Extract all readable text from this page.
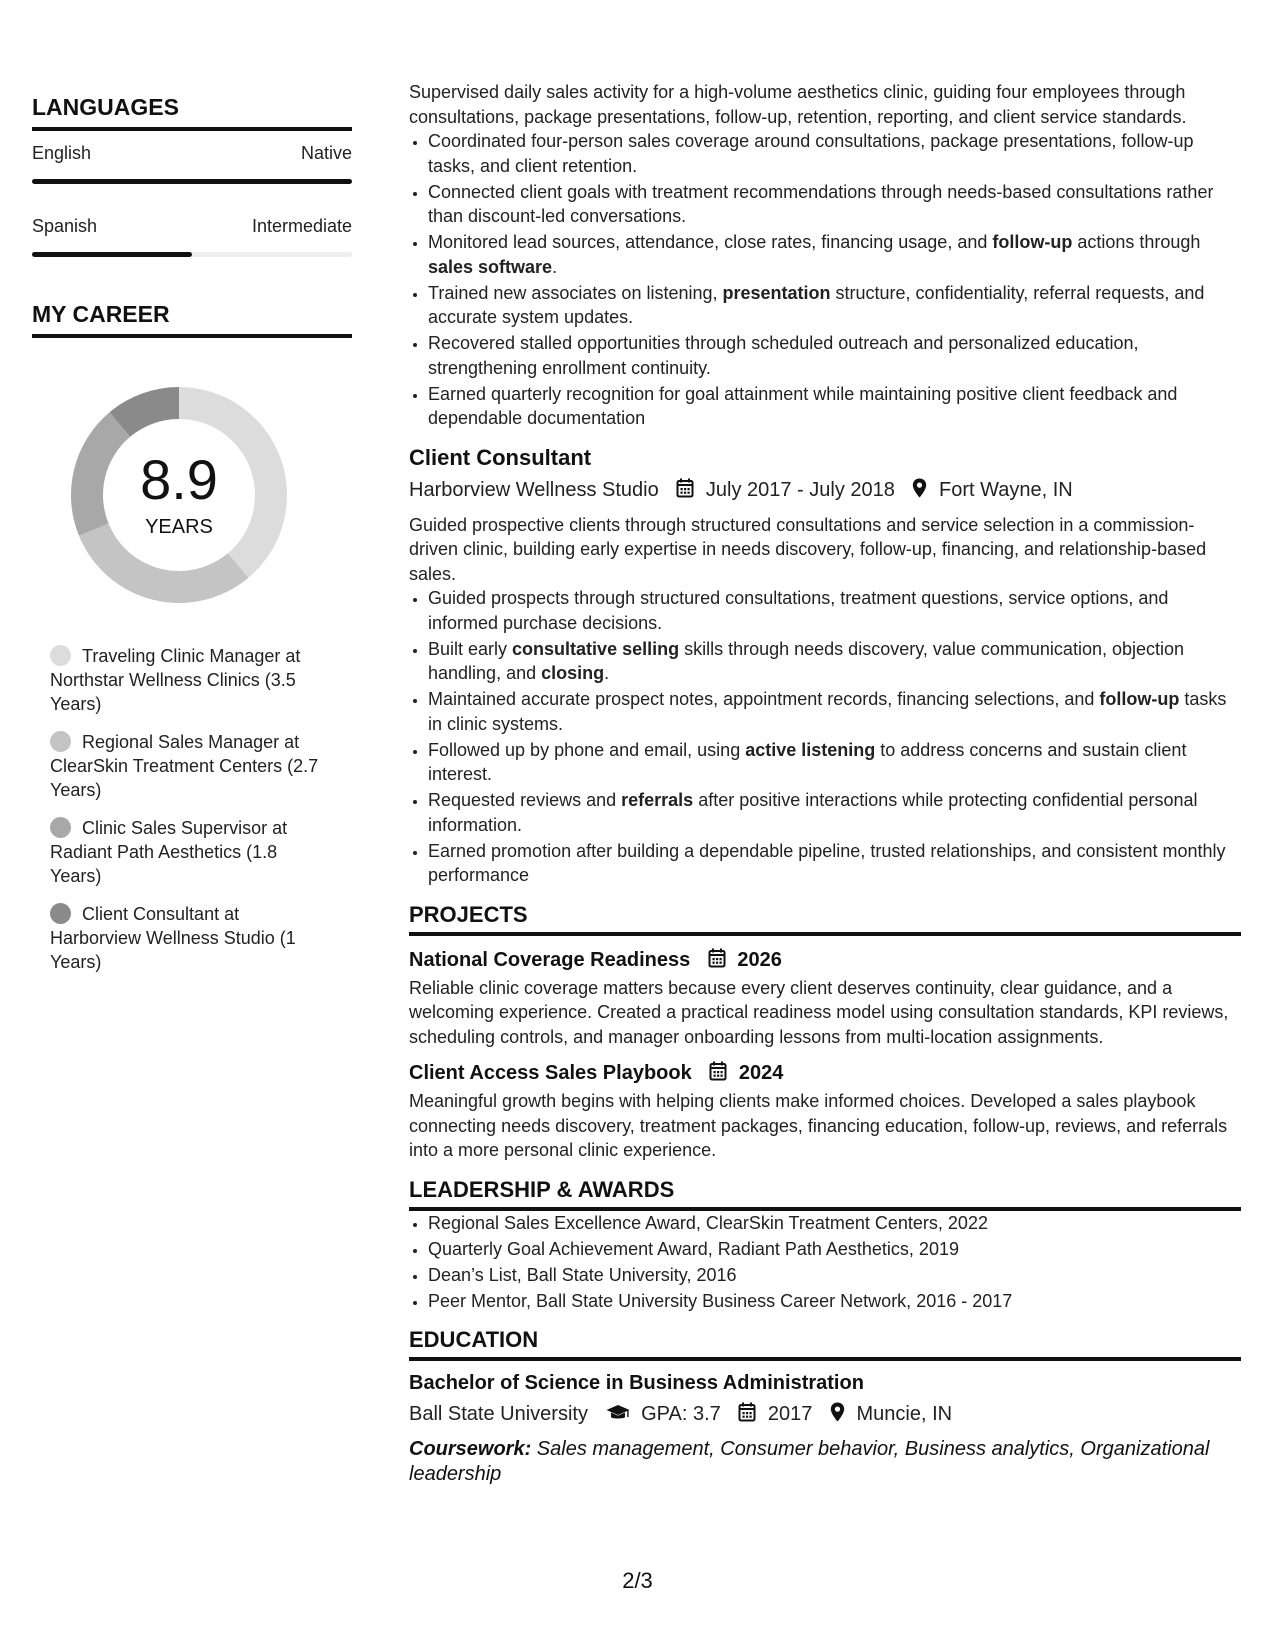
LANGUAGES
English	Native
Spanish	Intermediate
MY CAREER
8.9
YEARS
Traveling Clinic Manager at Northstar Wellness Clinics (3.5 Years)
Regional Sales Manager at ClearSkin Treatment Centers (2.7 Years)
Clinic Sales Supervisor at Radiant Path Aesthetics (1.8 Years)
Client Consultant at Harborview Wellness Studio (1 Years)

Supervised daily sales activity for a high-volume aesthetics clinic, guiding four employees through consultations, package presentations, follow-up, retention, reporting, and client service standards.

• Coordinated four-person sales coverage around consultations, package presentations, follow-up tasks, and client retention.
• Connected client goals with treatment recommendations through needs-based consultations rather than discount-led conversations.
• Monitored lead sources, attendance, close rates, financing usage, and follow-up actions through sales software.
• Trained new associates on listening, presentation structure, confidentiality, referral requests, and accurate system updates.
• Recovered stalled opportunities through scheduled outreach and personalized education, strengthening enrollment continuity.
• Earned quarterly recognition for goal attainment while maintaining positive client feedback and dependable documentation
Client Consultant
Harborview Wellness Studio July 2017 - July 2018 Fort Wayne, IN

Guided prospective clients through structured consultations and service selection in a commission-driven clinic, building early expertise in needs discovery, follow-up, financing, and relationship-based sales.

• Guided prospects through structured consultations, treatment questions, service options, and informed purchase decisions.
• Built early consultative selling skills through needs discovery, value communication, objection handling, and closing.
• Maintained accurate prospect notes, appointment records, financing selections, and follow-up tasks in clinic systems.
• Followed up by phone and email, using active listening to address concerns and sustain client interest.
• Requested reviews and referrals after positive interactions while protecting confidential personal information.
• Earned promotion after building a dependable pipeline, trusted relationships, and consistent monthly performance
PROJECTS
National Coverage Readiness 2026

Reliable clinic coverage matters because every client deserves continuity, clear guidance, and a welcoming experience. Created a practical readiness model using consultation standards, KPI reviews, scheduling controls, and manager onboarding lessons from multi-location assignments.

Client Access Sales Playbook 2024

Meaningful growth begins with helping clients make informed choices. Developed a sales playbook connecting needs discovery, treatment packages, financing education, follow-up, reviews, and referrals into a more personal clinic experience.

LEADERSHIP & AWARDS
• Regional Sales Excellence Award, ClearSkin Treatment Centers, 2022
• Quarterly Goal Achievement Award, Radiant Path Aesthetics, 2019
• Dean’s List, Ball State University, 2016
• Peer Mentor, Ball State University Business Career Network, 2016 - 2017
EDUCATION
Bachelor of Science in Business Administration
Ball State University	GPA: 3.7 2017 Muncie, IN
Coursework: Sales management, Consumer behavior, Business analytics, Organizational leadership
2/3
